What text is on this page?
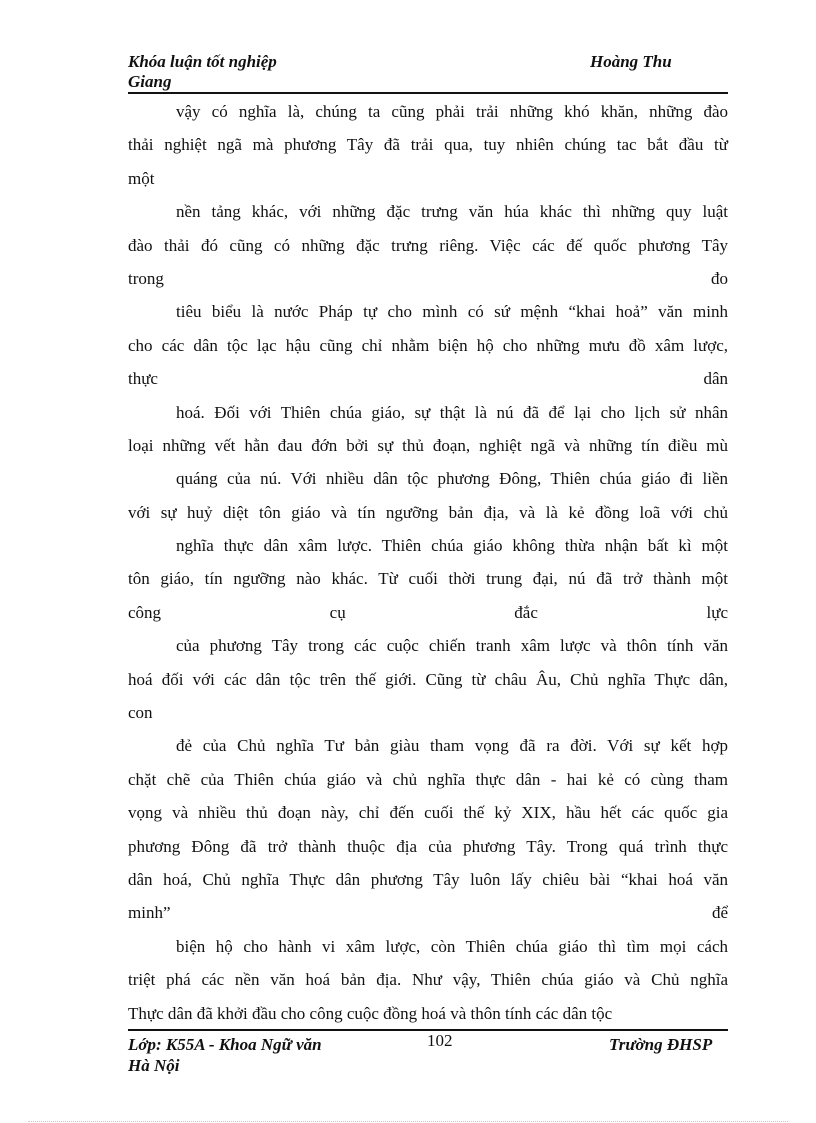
Khóa luận tốt nghiệp	Hoàng Thu
Giang
vậy có nghĩa là, chúng ta cũng phải trải những khó khăn, những đào
thải nghiệt ngã mà phương Tây đã trải qua, tuy nhiên chúng tac bắt đầu từ
một
nền tảng khác, với những đặc trưng văn húa khác thì những quy luật
đào thải đó cũng có những đặc trưng riêng. Việc các đế quốc phương Tây
trong đo
tiêu biểu là nước Pháp tự cho mình có sứ mệnh “khai hoả” văn minh
cho các dân tộc lạc hậu cũng chỉ nhằm biện hộ cho những mưu đồ xâm lược,
thực dân
hoá. Đối với Thiên chúa giáo, sự thật là nú đã để lại cho lịch sử nhân
loại những vết hằn đau đớn bởi sự thủ đoạn, nghiệt ngã và những tín điều mù
quáng của nú. Với nhiều dân tộc phương Đông, Thiên chúa giáo đi liền
với sự huỷ diệt tôn giáo và tín ngưỡng bản địa, và là kẻ đồng loã với chủ
nghĩa thực dân xâm lược. Thiên chúa giáo không thừa nhận bất kì một
tôn giáo, tín ngưỡng nào khác. Từ cuối thời trung đại, nú đã trở thành một
công cụ đắc lực
của phương Tây trong các cuộc chiến tranh xâm lược và thôn tính văn
hoá đối với các dân tộc trên thế giới. Cũng từ châu Âu, Chủ nghĩa Thực dân,
con
đẻ của Chủ nghĩa Tư bản giàu tham vọng đã ra đời. Với sự kết hợp
chặt chẽ của Thiên chúa giáo và chủ nghĩa thực dân - hai kẻ có cùng tham
vọng và nhiều thủ đoạn này, chỉ đến cuối thế kỷ XIX, hầu hết các quốc gia
phương Đông đã trở thành thuộc địa của phương Tây. Trong quá trình thực
dân hoá, Chủ nghĩa Thực dân phương Tây luôn lấy chiêu bài “khai hoá văn
minh” để
biện hộ cho hành vi xâm lược, còn Thiên chúa giáo thì tìm mọi cách
triệt phá các nền văn hoá bản địa. Như vậy, Thiên chúa giáo và Chủ nghĩa
Thực dân đã khởi đầu cho công cuộc đồng hoá và thôn tính các dân tộc
Lớp: K55A - Khoa Ngữ văn	102	Trường ĐHSP
Hà Nội
